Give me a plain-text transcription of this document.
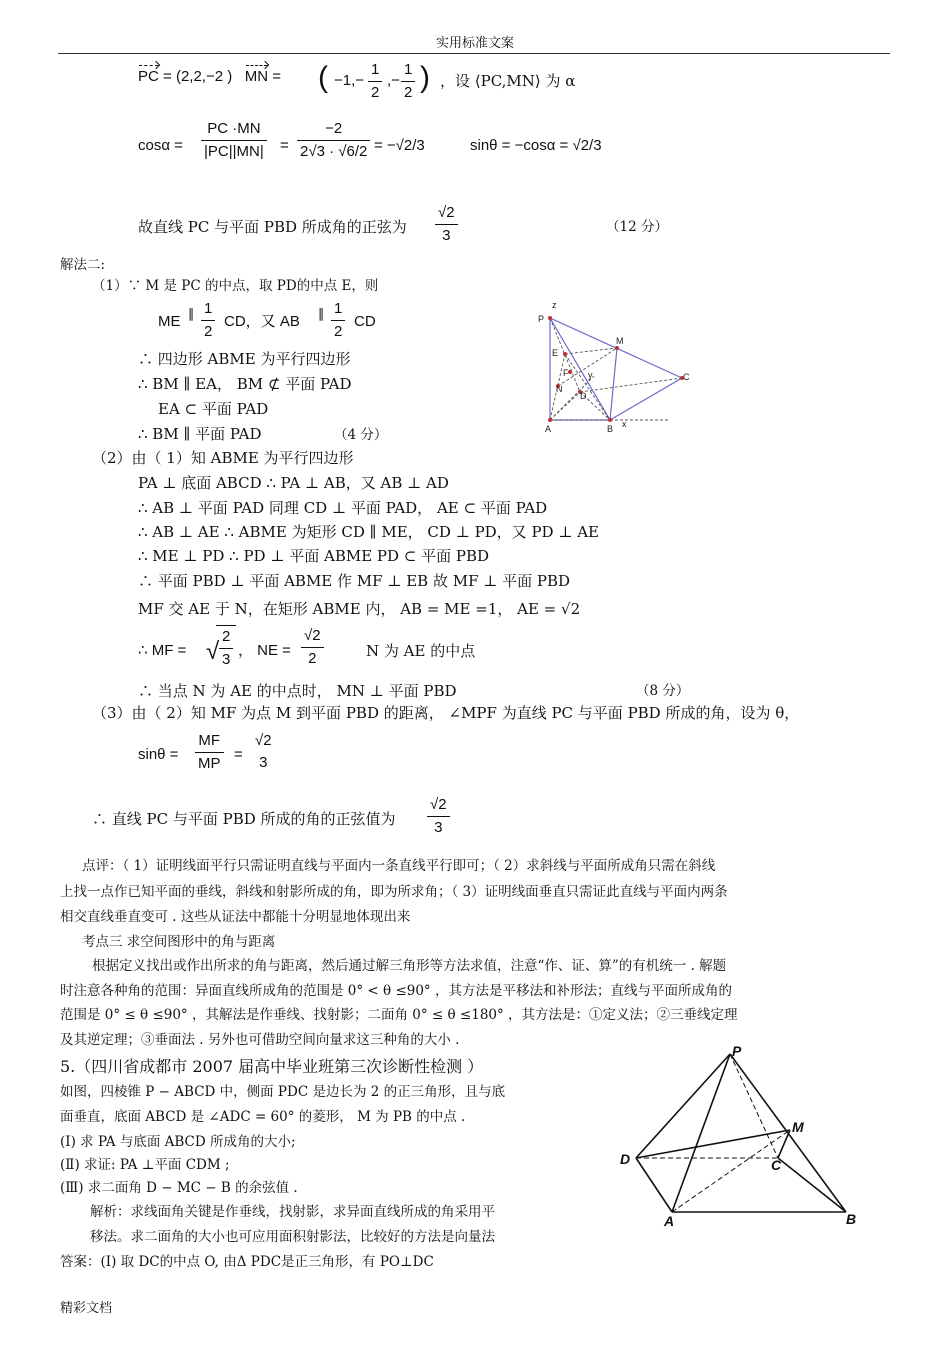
实用标准文案
PC = (2,2,−2 ) MN = ( $-1,- \frac{1}{2}$ ,− $\frac{1}{2}$ ) ，设 ⟨PC,MN⟩ 为 α
$\cos\alpha = \frac{PC \cdot MN}{|PC||MN|} = \frac{-2}{2√3 \cdot √6/2} = -√2/3$	sinθ = −cosα = √2/3
故直线 PC 与平面 PBD 所成角的正弦为 $\frac{√2}{3}$	（12 分）
解法二:
（1）∵ M 是 PC 的中点，取 PD的中点 E，则
ME ∥ $\frac{1}{2}$ CD，又 AB ∥ $\frac{1}{2}$ CD
∴ 四边形 ABME 为平行四边形
∴ BM ∥ EA， BM ⊄ 平面 PAD
EA ⊂ 平面 PAD
∴ BM ∥ 平面 PAD	（4 分）
（2）由（ 1）知 ABME 为平行四边形
PA ⊥ 底面 ABCD ∴ PA ⊥ AB，又 AB ⊥ AD
∴ AB ⊥ 平面 PAD 同理 CD ⊥ 平面 PAD， AE ⊂ 平面 PAD
∴ AB ⊥ AE ∴ ABME 为矩形 CD ∥ ME， CD ⊥ PD，又 PD ⊥ AE
∴ ME ⊥ PD ∴ PD ⊥ 平面 ABME PD ⊂ 平面 PBD
∴ 平面 PBD ⊥ 平面 ABME 作 MF ⊥ EB 故 MF ⊥ 平面 PBD
MF 交 AE 于 N，在矩形 ABME 内， AB = ME =1， AE = √2
∴ MF = √ $\frac{2}{3}$ ， NE = $\frac{√2}{2}$	N 为 AE 的中点
∴ 当点 N 为 AE 的中点时， MN ⊥ 平面 PBD	（8 分）
（3）由（ 2）知 MF 为点 M 到平面 PBD 的距离， ∠MPF 为直线 PC 与平面 PBD 所成的角，设为 θ，
$\sin\theta = \frac{MF}{MP}$ =
√2
3
∴ 直线 PC 与平面 PBD 所成的角的正弦值为 $\frac{√2}{3}$
点评：（ 1）证明线面平行只需证明直线与平面内一条直线平行即可；（ 2）求斜线与平面所成角只需在斜线
上找一点作已知平面的垂线，斜线和射影所成的角，即为所求角；（ 3）证明线面垂直只需证此直线与平面内两条
相交直线垂直变可 . 这些从证法中都能十分明显地体现出来
考点三 求空间图形中的角与距离
根据定义找出或作出所求的角与距离，然后通过解三角形等方法求值，注意“作、证、算”的有机统一 . 解题
时注意各种角的范围：异面直线所成角的范围是 0° < θ ≤90° ，其方法是平移法和补形法；直线与平面所成角的
范围是 0° ≤ θ ≤90° ，其解法是作垂线、找射影；二面角 0° ≤ θ ≤180° ，其方法是：①定义法；②三垂线定理
及其逆定理；③垂面法 . 另外也可借助空间向量求这三种角的大小 .
5.（四川省成都市 2007 届高中毕业班第三次诊断性检测 ）
如图，四棱锥 P − ABCD 中，侧面 PDC 是边长为 2 的正三角形，且与底
面垂直，底面 ABCD 是 ∠ADC = 60° 的菱形， M 为 PB 的中点 .
(Ⅰ) 求 PA 与底面 ABCD 所成角的大小;
(Ⅱ) 求证: PA ⊥平面 CDM ;
(Ⅲ) 求二面角 D − MC − B 的余弦值 .
解析：求线面角关键是作垂线，找射影，求异面直线所成的角采用平
移法。求二面角的大小也可应用面积射影法，比较好的方法是向量法
答案：(I) 取 DC的中点 O, 由Δ PDC是正三角形，有 PO⊥DC
P
z
E
M
F y
N
D
C
A	B x
P
M
D	C
A	B
精彩文档
